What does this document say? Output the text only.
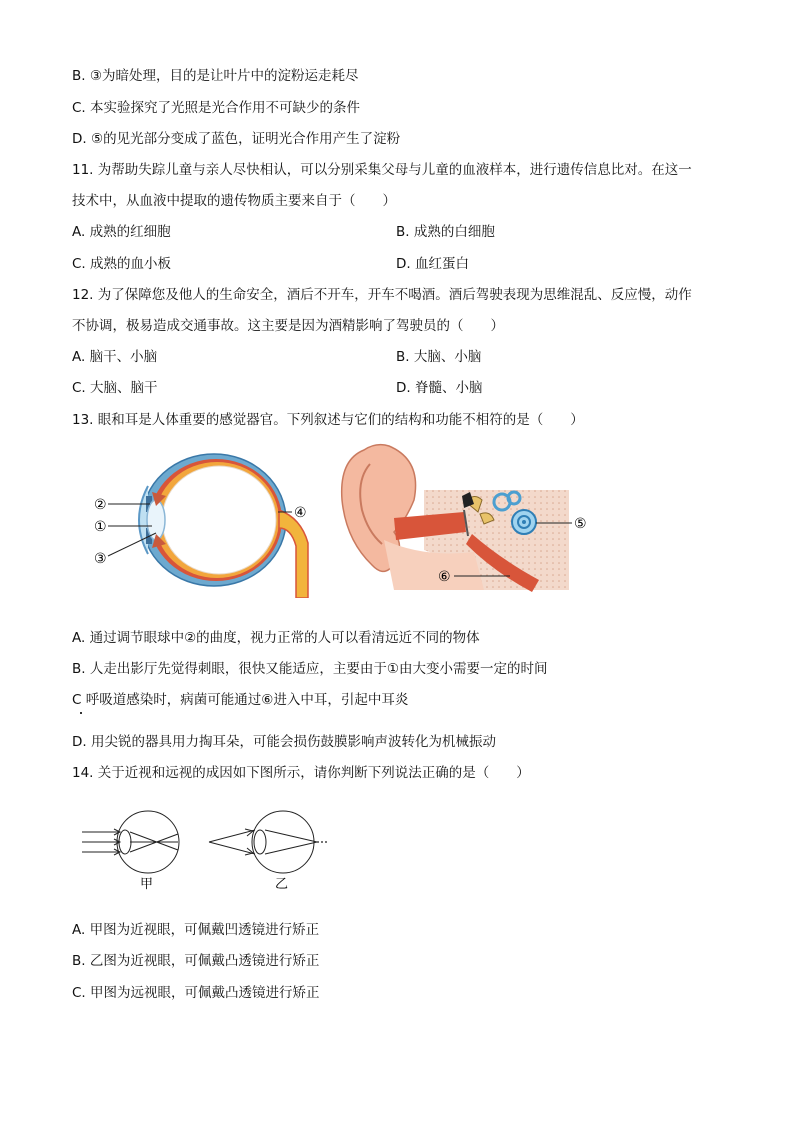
B. ③为暗处理，目的是让叶片中的淀粉运走耗尽
C. 本实验探究了光照是光合作用不可缺少的条件
D. ⑤的见光部分变成了蓝色，证明光合作用产生了淀粉
11. 为帮助失踪儿童与亲人尽快相认，可以分别采集父母与儿童的血液样本，进行遗传信息比对。在这一
技术中，从血液中提取的遗传物质主要来自于（　　）
A. 成熟的红细胞	B. 成熟的白细胞
C. 成熟的血小板	D. 血红蛋白
12. 为了保障您及他人的生命安全，酒后不开车，开车不喝酒。酒后驾驶表现为思维混乱、反应慢，动作
不协调，极易造成交通事故。这主要是因为酒精影响了驾驶员的（　　）
A. 脑干、小脑	B. 大脑、小脑
C. 大脑、脑干	D. 脊髓、小脑
13. 眼和耳是人体重要的感觉器官。下列叙述与它们的结构和功能不相符的是（　　）
②
①
③
④
⑤
⑥
A. 通过调节眼球中②的曲度，视力正常的人可以看清远近不同的物体
B. 人走出影厅先觉得刺眼，很快又能适应，主要由于①由大变小需要一定的时间
C 呼吸道感染时，病菌可能通过⑥进入中耳，引起中耳炎
D. 用尖锐的器具用力掏耳朵，可能会损伤鼓膜影响声波转化为机械振动
14. 关于近视和远视的成因如下图所示，请你判断下列说法正确的是（　　）
甲	乙
A. 甲图为近视眼，可佩戴凹透镜进行矫正
B. 乙图为近视眼，可佩戴凸透镜进行矫正
C. 甲图为远视眼，可佩戴凸透镜进行矫正
